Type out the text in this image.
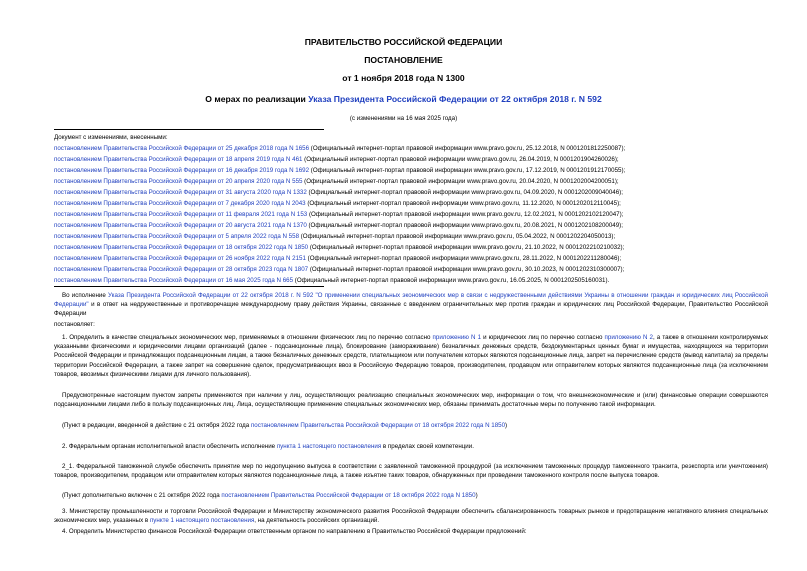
ПРАВИТЕЛЬСТВО РОССИЙСКОЙ ФЕДЕРАЦИИ
ПОСТАНОВЛЕНИЕ
от 1 ноября 2018 года N 1300
О мерах по реализации Указа Президента Российской Федерации от 22 октября 2018 г. N 592
(с изменениями на 16 мая 2025 года)
Документ с изменениями, внесенными:
постановлением Правительства Российской Федерации от 25 декабря 2018 года N 1656 (Официальный интернет-портал правовой информации www.pravo.gov.ru, 25.12.2018, N 0001201812250087);
постановлением Правительства Российской Федерации от 18 апреля 2019 года N 461 (Официальный интернет-портал правовой информации www.pravo.gov.ru, 26.04.2019, N 0001201904260026);
постановлением Правительства Российской Федерации от 16 декабря 2019 года N 1692 (Официальный интернет-портал правовой информации www.pravo.gov.ru, 17.12.2019, N 0001201912170055);
постановлением Правительства Российской Федерации от 20 апреля 2020 года N 555 (Официальный интернет-портал правовой информации www.pravo.gov.ru, 20.04.2020, N 0001202004200051);
постановлением Правительства Российской Федерации от 31 августа 2020 года N 1332 (Официальный интернет-портал правовой информации www.pravo.gov.ru, 04.09.2020, N 0001202009040046);
постановлением Правительства Российской Федерации от 7 декабря 2020 года N 2043 (Официальный интернет-портал правовой информации www.pravo.gov.ru, 11.12.2020, N 0001202012110045);
постановлением Правительства Российской Федерации от 11 февраля 2021 года N 153 (Официальный интернет-портал правовой информации www.pravo.gov.ru, 12.02.2021, N 0001202102120047);
постановлением Правительства Российской Федерации от 20 августа 2021 года N 1370 (Официальный интернет-портал правовой информации www.pravo.gov.ru, 20.08.2021, N 0001202108200049);
постановлением Правительства Российской Федерации от 5 апреля 2022 года N 558 (Официальный интернет-портал правовой информации www.pravo.gov.ru, 05.04.2022, N 0001202204050013);
постановлением Правительства Российской Федерации от 18 октября 2022 года N 1850 (Официальный интернет-портал правовой информации www.pravo.gov.ru, 21.10.2022, N 0001202210210032);
постановлением Правительства Российской Федерации от 26 ноября 2022 года N 2151 (Официальный интернет-портал правовой информации www.pravo.gov.ru, 28.11.2022, N 0001202211280046);
постановлением Правительства Российской Федерации от 28 октября 2023 года N 1807 (Официальный интернет-портал правовой информации www.pravo.gov.ru, 30.10.2023, N 0001202310300007);
постановлением Правительства Российской Федерации от 16 мая 2025 года N 665 (Официальный интернет-портал правовой информации www.pravo.gov.ru, 16.05.2025, N 0001202505160031).
Во исполнение Указа Президента Российской Федерации от 22 октября 2018 г. N 592 "О применении специальных экономических мер в связи с недружественными действиями Украины в отношении граждан и юридических лиц Российской Федерации" и в ответ на недружественные и противоречащие международному праву действия Украины, связанные с введением ограничительных мер против граждан и юридических лиц Российской Федерации, Правительство Российской Федерации
постановляет:
1. Определить в качестве специальных экономических мер, применяемых в отношении физических лиц по перечню согласно приложению N 1 и юридических лиц по перечню согласно приложению N 2, а также в отношении контролируемых указанными физическими и юридическими лицами организаций (далее - подсанкционные лица), блокирование (замораживание) безналичных денежных средств, бездокументарных ценных бумаг и имущества, находящихся на территории Российской Федерации и принадлежащих подсанкционным лицам, а также безналичных денежных средств, плательщиком или получателем которых являются подсанкционные лица, запрет на перечисление средств (вывод капитала) за пределы территории Российской Федерации, а также запрет на совершение сделок, предусматривающих ввоз в Российскую Федерацию товаров, производителем, продавцом или отправителем которых являются подсанкционные лица (за исключением товаров, ввозимых физическими лицами для личного пользования).
Предусмотренные настоящим пунктом запреты применяются при наличии у лиц, осуществляющих реализацию специальных экономических мер, информации о том, что внешнеэкономические и (или) финансовые операции совершаются подсанкционными лицами либо в пользу подсанкционных лиц. Лица, осуществляющие применение специальных экономических мер, обязаны принимать достаточные меры по получению такой информации.
(Пункт в редакции, введенной в действие с 21 октября 2022 года постановлением Правительства Российской Федерации от 18 октября 2022 года N 1850)
2. Федеральным органам исполнительной власти обеспечить исполнение пункта 1 настоящего постановления в пределах своей компетенции.
2_1. Федеральной таможенной службе обеспечить принятие мер по недопущению выпуска в соответствии с заявленной таможенной процедурой (за исключением таможенных процедур таможенного транзита, реэкспорта или уничтожения) товаров, производителем, продавцом или отправителем которых являются подсанкционные лица, а также изъятие таких товаров, обнаруженных при проведении таможенного контроля после выпуска товаров.
(Пункт дополнительно включен с 21 октября 2022 года постановлением Правительства Российской Федерации от 18 октября 2022 года N 1850)
3. Министерству промышленности и торговли Российской Федерации и Министерству экономического развития Российской Федерации обеспечить сбалансированность товарных рынков и предотвращение негативного влияния специальных экономических мер, указанных в пункте 1 настоящего постановления, на деятельность российских организаций.
4. Определить Министерство финансов Российской Федерации ответственным органом по направлению в Правительство Российской Федерации предложений:
